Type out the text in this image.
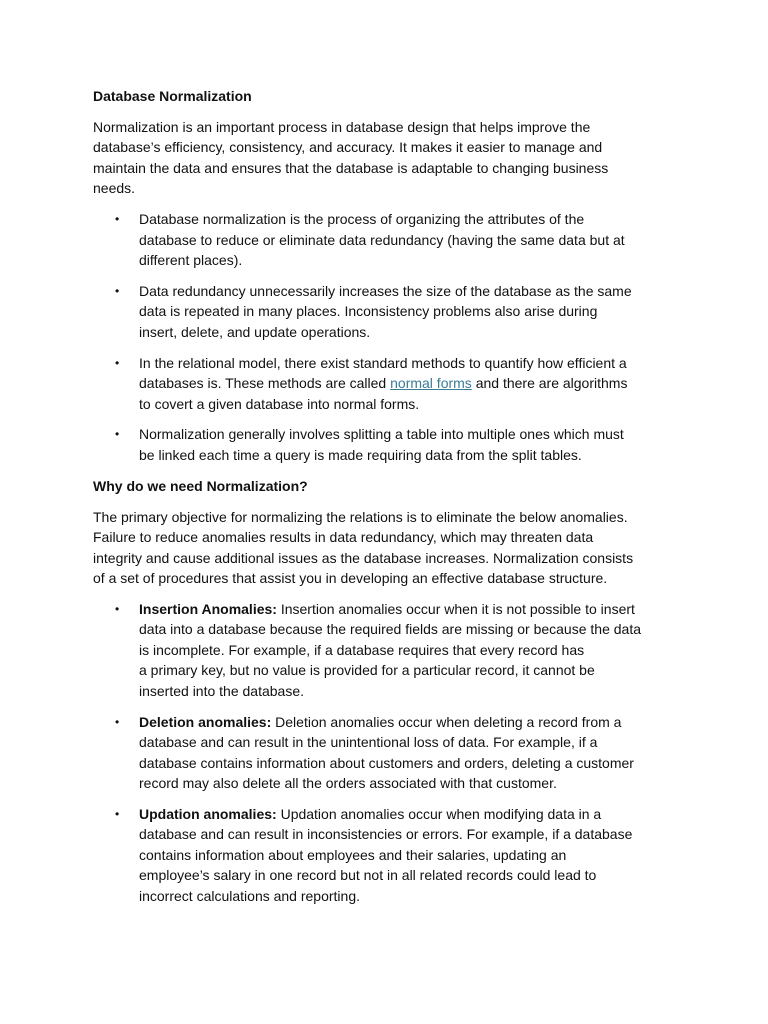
Database Normalization
Normalization is an important process in database design that helps improve the
database’s efficiency, consistency, and accuracy. It makes it easier to manage and
maintain the data and ensures that the database is adaptable to changing business
needs.
• Database normalization is the process of organizing the attributes of the
database to reduce or eliminate data redundancy (having the same data but at
different places).
• Data redundancy unnecessarily increases the size of the database as the same
data is repeated in many places. Inconsistency problems also arise during
insert, delete, and update operations.
• In the relational model, there exist standard methods to quantify how efficient a
databases is. These methods are called normal forms and there are algorithms
to covert a given database into normal forms.
• Normalization generally involves splitting a table into multiple ones which must
be linked each time a query is made requiring data from the split tables.
Why do we need Normalization?
The primary objective for normalizing the relations is to eliminate the below anomalies.
Failure to reduce anomalies results in data redundancy, which may threaten data
integrity and cause additional issues as the database increases. Normalization consists
of a set of procedures that assist you in developing an effective database structure.
• Insertion Anomalies: Insertion anomalies occur when it is not possible to insert
data into a database because the required fields are missing or because the data
is incomplete. For example, if a database requires that every record has
a primary key, but no value is provided for a particular record, it cannot be
inserted into the database.
• Deletion anomalies: Deletion anomalies occur when deleting a record from a
database and can result in the unintentional loss of data. For example, if a
database contains information about customers and orders, deleting a customer
record may also delete all the orders associated with that customer.
• Updation anomalies: Updation anomalies occur when modifying data in a
database and can result in inconsistencies or errors. For example, if a database
contains information about employees and their salaries, updating an
employee’s salary in one record but not in all related records could lead to
incorrect calculations and reporting.
